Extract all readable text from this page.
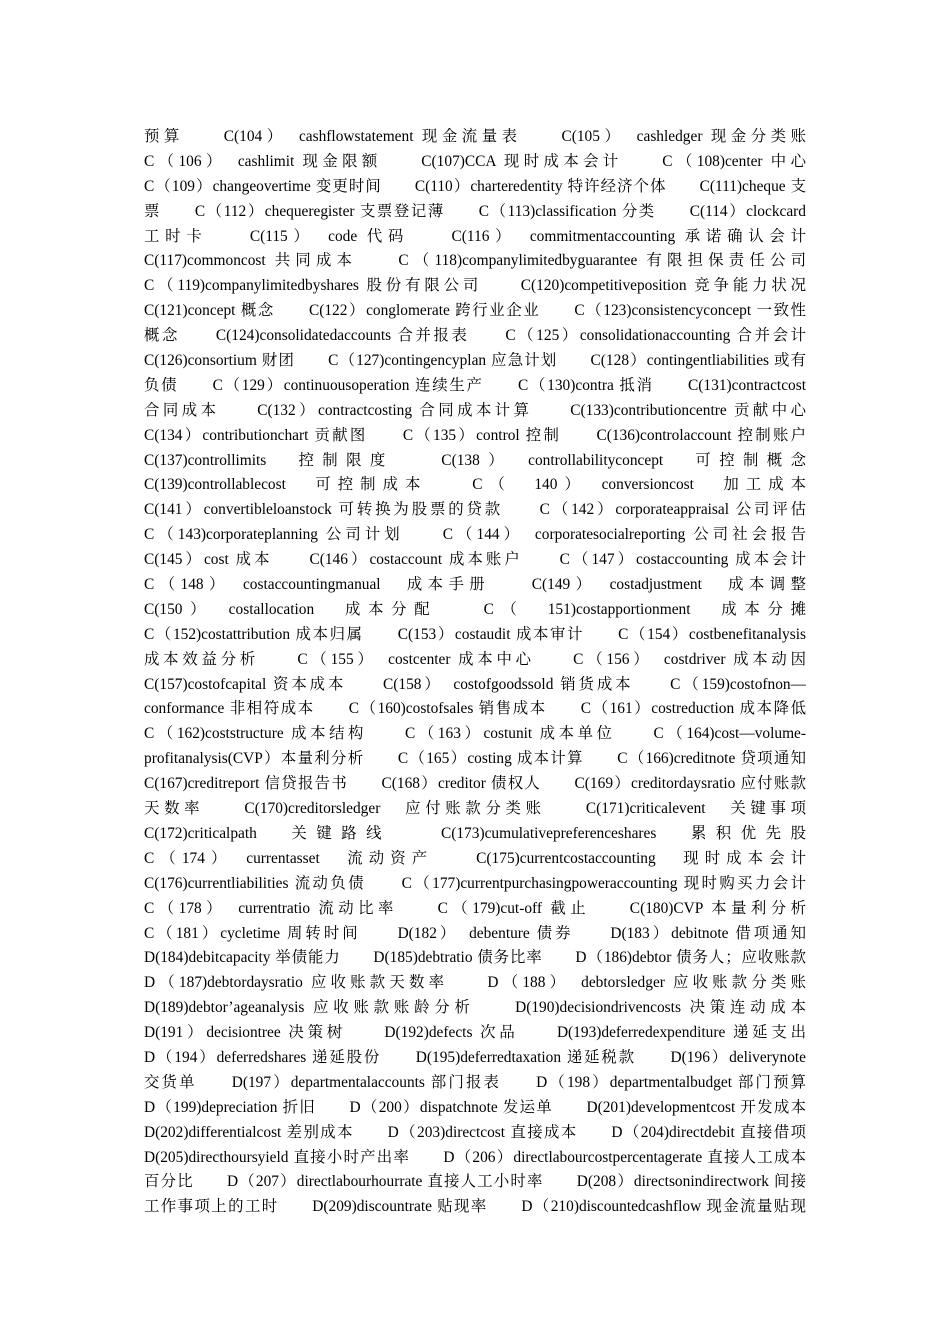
预算　　C(104）　cashflowstatement 现金流量表　　C(105）　cashledger 现金分类账
C（106）　cashlimit 现金限额　　C(107)CCA 现时成本会计　　C（108)center 中心
C（109）changeovertime 变更时间　　C(110）charteredentity 特许经济个体　　C(111)cheque 支
票　　C（112）chequeregister 支票登记薄　　C（113)classification 分类　　C(114）clockcard
工时卡　　C(115）　code 代码　　C(116）　commitmentaccounting 承诺确认会计
C(117)commoncost 共同成本　　C（118)companylimitedbyguarantee 有限担保责任公司
C（119)companylimitedbyshares 股份有限公司　　C(120)competitiveposition 竞争能力状况
C(121)concept 概念　　C(122）conglomerate 跨行业企业　　C（123)consistencyconcept 一致性
概念　　C(124)consolidatedaccounts 合并报表　　C（125）consolidationaccounting 合并会计
C(126)consortium 财团　　C（127)contingencyplan 应急计划　　C(128）contingentliabilities 或有
负债　　C（129）continuousoperation 连续生产　　C（130)contra 抵消　　C(131)contractcost
合同成本　　C(132）contractcosting 合同成本计算　　C(133)contributioncentre 贡献中心
C(134）contributionchart 贡献图　　C（135）control 控制　　C(136)controlaccount 控制账户
C(137)controllimits　控制限度　　C(138）　controllabilityconcept　可控制概念
C(139)controllablecost　可控制成本　　C（　140）　conversioncost　加工成本
C(141）convertibleloanstock 可转换为股票的贷款　　C（142）corporateappraisal 公司评估
C（143)corporateplanning 公司计划　　C（144）　corporatesocialreporting 公司社会报告
C(145）cost 成本　　C(146）costaccount 成本账户　　C（147）costaccounting 成本会计
C（148）　costaccountingmanual　成本手册　　C(149）　costadjustment　成本调整
C(150）　costallocation　成本分配　　C（　151)costapportionment　成本分摊
C（152)costattribution 成本归属　　C(153）costaudit 成本审计　　C（154）costbenefitanalysis
成本效益分析　　C（155）　costcenter 成本中心　　C（156）　costdriver 成本动因
C(157)costofcapital 资本成本　　C(158）　costofgoodssold 销货成本　　C（159)costofnon—
conformance 非相符成本　　C（160)costofsales 销售成本　　C（161）costreduction 成本降低
C（162)coststructure 成本结构　　C（163）costunit 成本单位　　C（164)cost—volume-
profitanalysis(CVP）本量利分析　　C（165）costing 成本计算　　C（166)creditnote 贷项通知
C(167)creditreport 信贷报告书　　C(168）creditor 债权人　　C(169）creditordaysratio 应付账款
天数率　　C(170)creditorsledger　应付账款分类账　　C(171)criticalevent　关键事项
C(172)criticalpath　关键路线　　C(173)cumulativepreferenceshares　累积优先股
C（174）　currentasset　流动资产　　C(175)currentcostaccounting　现时成本会计
C(176)currentliabilities 流动负债　　C（177)currentpurchasingpoweraccounting 现时购买力会计
C（178）　currentratio 流动比率　　C（179)cut-off 截止　　C(180)CVP 本量利分析
C（181）cycletime 周转时间　　D(182）　debenture 债券　　D(183）debitnote 借项通知
D(184)debitcapacity 举债能力　　D(185)debtratio 债务比率　　D（186)debtor 债务人；应收账款
D（187)debtordaysratio 应收账款天数率　　D（188）　debtorsledger 应收账款分类账
D(189)debtor’ageanalysis 应收账款账龄分析　　D(190)decisiondrivencosts 决策连动成本
D(191）decisiontree 决策树　　D(192)defects 次品　　D(193)deferredexpenditure 递延支出
D（194）deferredshares 递延股份　　D(195)deferredtaxation 递延税款　　D(196）deliverynote
交货单　　D(197）departmentalaccounts 部门报表　　D（198）departmentalbudget 部门预算
D（199)depreciation 折旧　　D（200）dispatchnote 发运单　　D(201)developmentcost 开发成本
D(202)differentialcost 差别成本　　D（203)directcost 直接成本　　D（204)directdebit 直接借项
D(205)directhoursyield 直接小时产出率　　D（206）directlabourcostpercentagerate 直接人工成本
百分比　　D（207）directlabourhourrate 直接人工小时率　　D(208）directsonindirectwork 间接
工作事项上的工时　　D(209)discountrate 贴现率　　D（210)discountedcashflow 现金流量贴现
